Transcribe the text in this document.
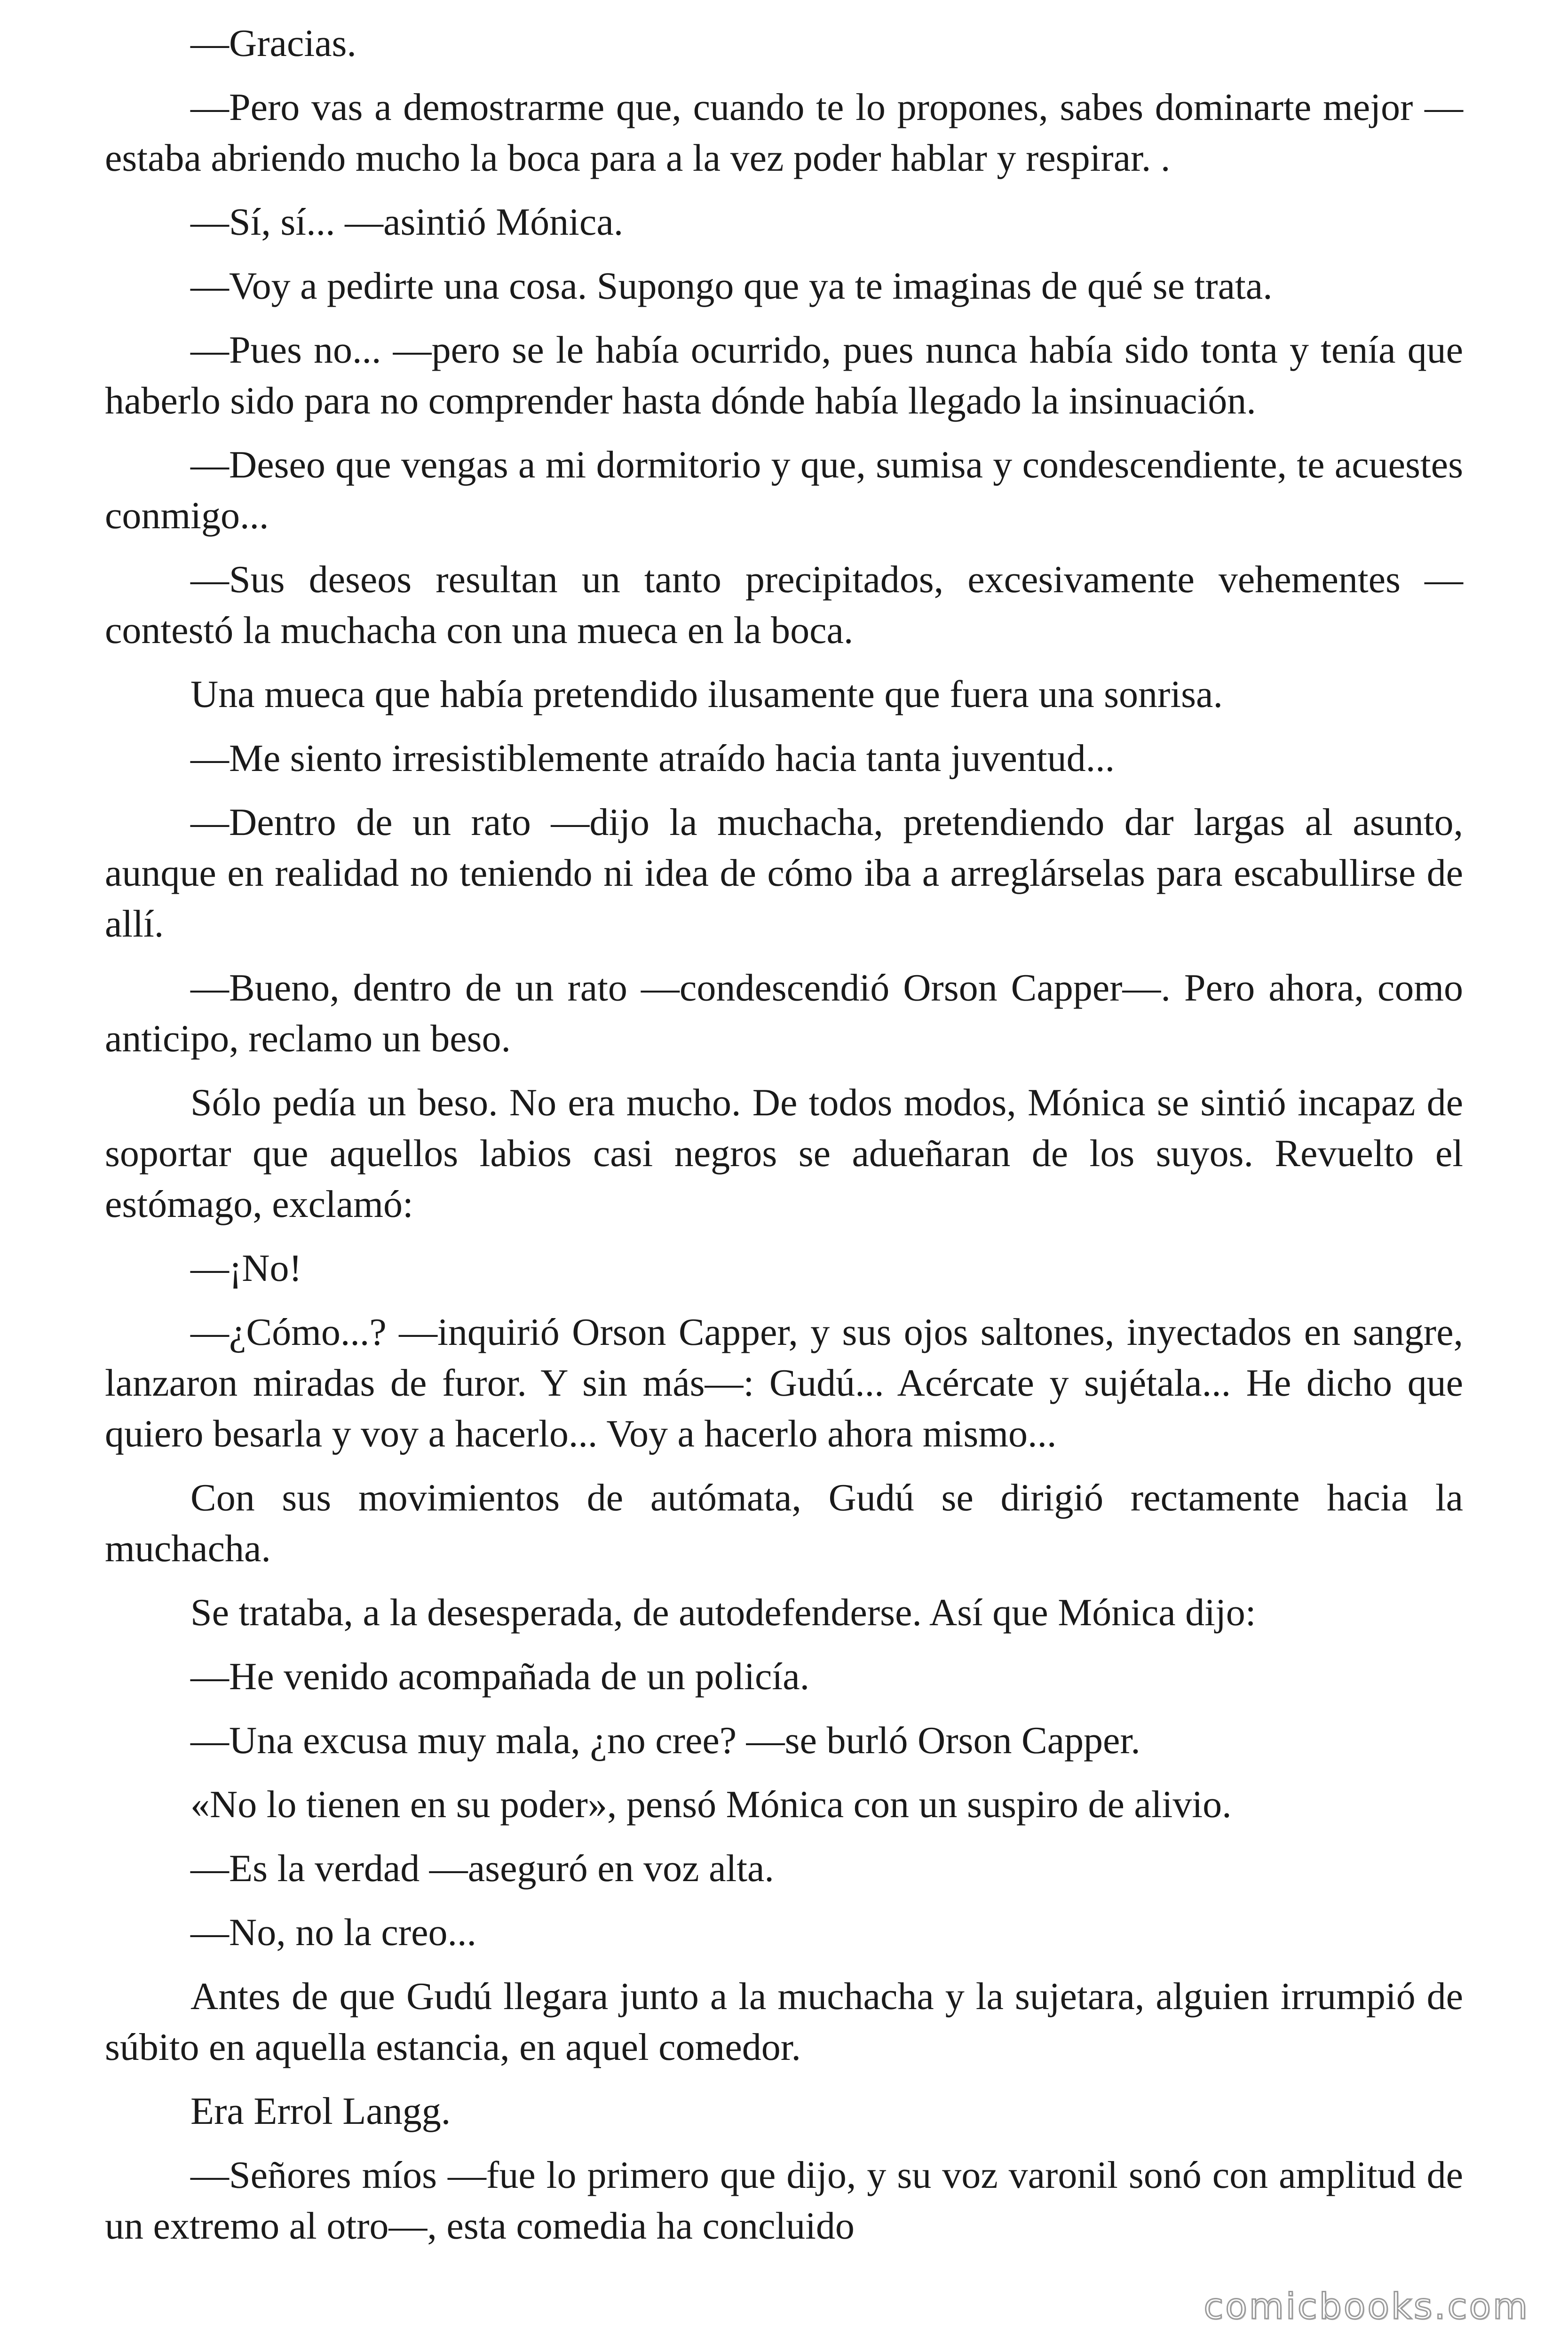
—Gracias.

—Pero vas a demostrarme que, cuando te lo propones, sabes dominarte mejor —estaba abriendo mucho la boca para a la vez poder hablar y respirar. .

—Sí, sí... —asintió Mónica.

—Voy a pedirte una cosa. Supongo que ya te imaginas de qué se trata.

—Pues no... —pero se le había ocurrido, pues nunca había sido tonta y tenía que haberlo sido para no comprender hasta dónde había llegado la insinuación.

—Deseo que vengas a mi dormitorio y que, sumisa y condescendiente, te acuestes conmigo...

—Sus deseos resultan un tanto precipitados, excesivamente vehementes —contestó la muchacha con una mueca en la boca.

Una mueca que había pretendido ilusamente que fuera una sonrisa.

—Me siento irresistiblemente atraído hacia tanta juventud...

—Dentro de un rato —dijo la muchacha, pretendiendo dar largas al asunto, aunque en realidad no teniendo ni idea de cómo iba a arreglárselas para escabullirse de allí.

—Bueno, dentro de un rato —condescendió Orson Capper—. Pero ahora, como anticipo, reclamo un beso.

Sólo pedía un beso. No era mucho. De todos modos, Mónica se sintió incapaz de soportar que aquellos labios casi negros se adueñaran de los suyos. Revuelto el estómago, exclamó:

—¡No!

—¿Cómo...? —inquirió Orson Capper, y sus ojos saltones, inyectados en sangre, lanzaron miradas de furor. Y sin más—: Gudú... Acércate y sujétala... He dicho que quiero besarla y voy a hacerlo... Voy a hacerlo ahora mismo...

Con sus movimientos de autómata, Gudú se dirigió rectamente hacia la muchacha.

Se trataba, a la desesperada, de autodefenderse. Así que Mónica dijo:

—He venido acompañada de un policía.

—Una excusa muy mala, ¿no cree? —se burló Orson Capper.

«No lo tienen en su poder», pensó Mónica con un suspiro de alivio.

—Es la verdad —aseguró en voz alta.

—No, no la creo...

Antes de que Gudú llegara junto a la muchacha y la sujetara, alguien irrumpió de súbito en aquella estancia, en aquel comedor.

Era Errol Langg.

—Señores míos —fue lo primero que dijo, y su voz varonil sonó con amplitud de un extremo al otro—, esta comedia ha concluido

comicbooks.com
